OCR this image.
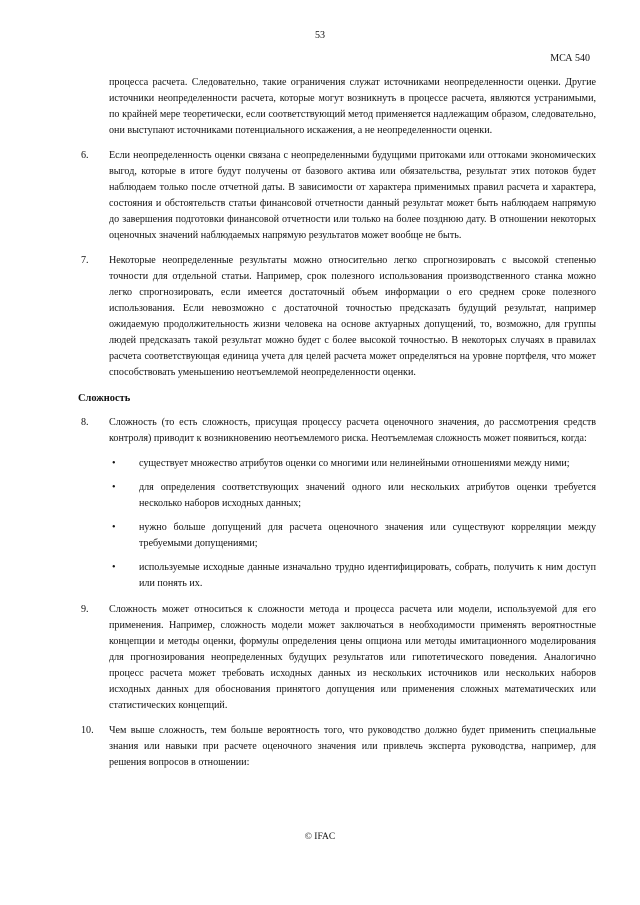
53
МСА 540

процесса расчета. Следовательно, такие ограничения служат источниками неопределенности оценки. Другие источники неопределенности расчета, которые могут возникнуть в процессе расчета, являются устранимыми, по крайней мере теоретически, если соответствующий метод применяется надлежащим образом, следовательно, они выступают источниками потенциального искажения, а не неопределенности оценки.

6. Если неопределенность оценки связана с неопределенными будущими притоками или оттоками экономических выгод, которые в итоге будут получены от базового актива или обязательства, результат этих потоков будет наблюдаем только после отчетной даты. В зависимости от характера применимых правил расчета и характера, состояния и обстоятельств статьи финансовой отчетности данный результат может быть наблюдаем напрямую до завершения подготовки финансовой отчетности или только на более позднюю дату. В отношении некоторых оценочных значений наблюдаемых напрямую результатов может вообще не быть.

7. Некоторые неопределенные результаты можно относительно легко спрогнозировать с высокой степенью точности для отдельной статьи. Например, срок полезного использования производственного станка можно легко спрогнозировать, если имеется достаточный объем информации о его среднем сроке полезного использования. Если невозможно с достаточной точностью предсказать будущий результат, например ожидаемую продолжительность жизни человека на основе актуарных допущений, то, возможно, для группы людей предсказать такой результат можно будет с более высокой точностью. В некоторых случаях в правилах расчета соответствующая единица учета для целей расчета может определяться на уровне портфеля, что может способствовать уменьшению неотъемлемой неопределенности оценки.

Сложность

8. Сложность (то есть сложность, присущая процессу расчета оценочного значения, до рассмотрения средств контроля) приводит к возникновению неотъемлемого риска. Неотъемлемая сложность может появиться, когда:

• существует множество атрибутов оценки со многими или нелинейными отношениями между ними;
• для определения соответствующих значений одного или нескольких атрибутов оценки требуется несколько наборов исходных данных;
• нужно больше допущений для расчета оценочного значения или существуют корреляции между требуемыми допущениями;
• используемые исходные данные изначально трудно идентифицировать, собрать, получить к ним доступ или понять их.

9. Сложность может относиться к сложности метода и процесса расчета или модели, используемой для его применения. Например, сложность модели может заключаться в необходимости применять вероятностные концепции и методы оценки, формулы определения цены опциона или методы имитационного моделирования для прогнозирования неопределенных будущих результатов или гипотетического поведения. Аналогично процесс расчета может требовать исходных данных из нескольких источников или нескольких наборов исходных данных для обоснования принятого допущения или применения сложных математических или статистических концепций.

10. Чем выше сложность, тем больше вероятность того, что руководство должно будет применить специальные знания или навыки при расчете оценочного значения или привлечь эксперта руководства, например, для решения вопросов в отношении:

© IFAC
